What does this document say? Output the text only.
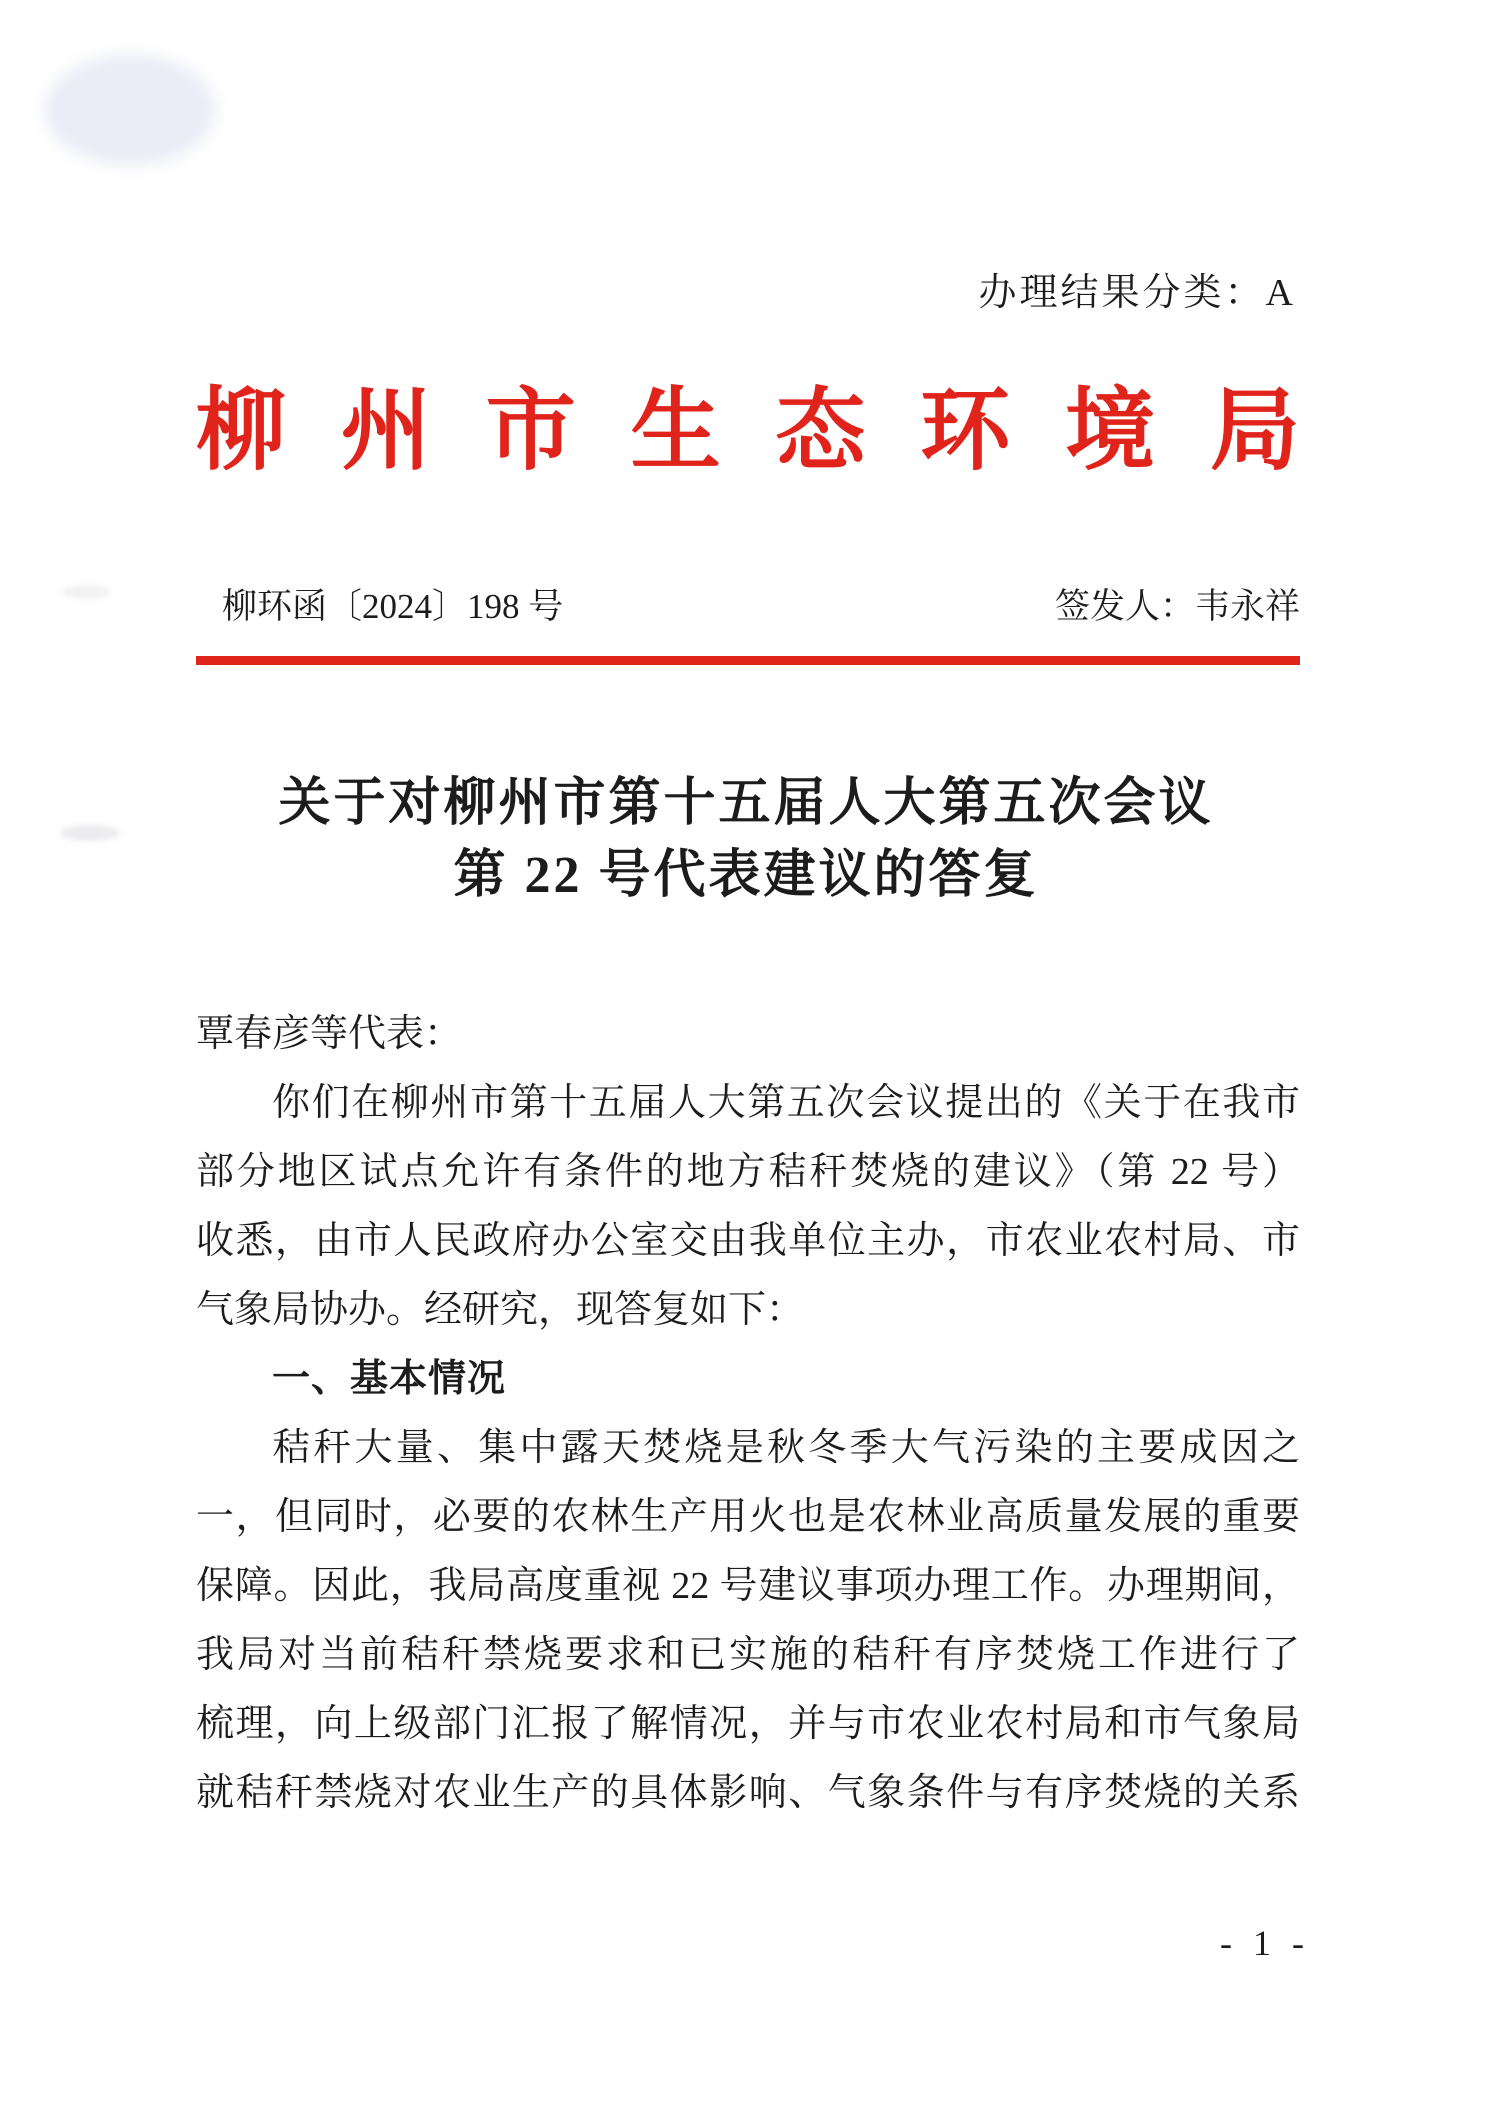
办理结果分类：A
柳州市生态环境局
柳环函〔2024〕198 号	签发人：韦永祥
关于对柳州市第十五届人大第五次会议
第 22 号代表建议的答复
覃春彦等代表：
你们在柳州市第十五届人大第五次会议提出的《关于在我市
部分地区试点允许有条件的地方秸秆焚烧的建议》（第 22 号）
收悉，由市人民政府办公室交由我单位主办，市农业农村局、市
气象局协办。经研究，现答复如下：
一、基本情况
秸秆大量、集中露天焚烧是秋冬季大气污染的主要成因之
一，但同时，必要的农林生产用火也是农林业高质量发展的重要
保障。因此，我局高度重视 22 号建议事项办理工作。办理期间，
我局对当前秸秆禁烧要求和已实施的秸秆有序焚烧工作进行了
梳理，向上级部门汇报了解情况，并与市农业农村局和市气象局
就秸秆禁烧对农业生产的具体影响、气象条件与有序焚烧的关系
- 1 -
